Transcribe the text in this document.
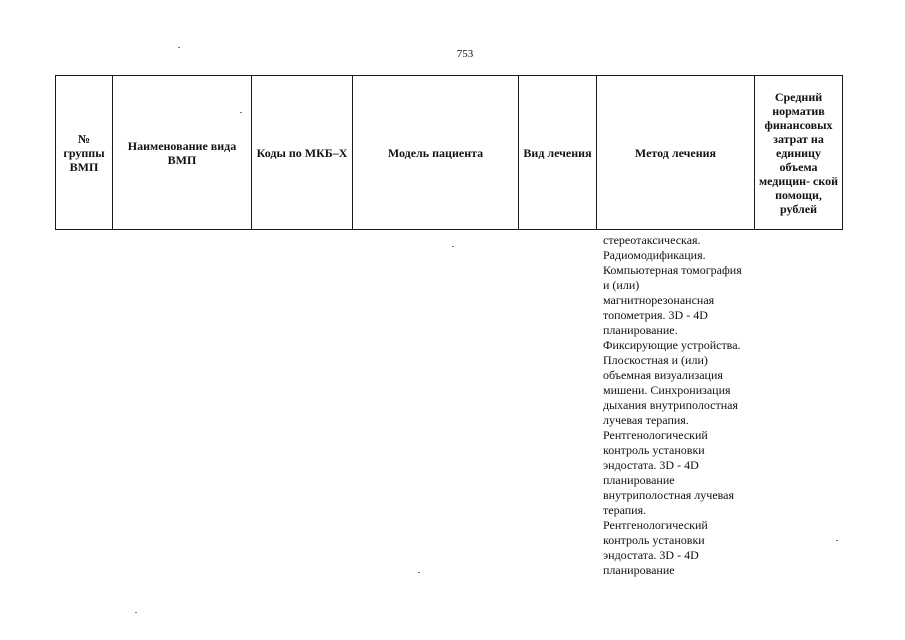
753
№ группы ВМП	Наименование вида ВМП	Коды по МКБ–Х	Модель пациента	Вид лечения	Метод лечения	Средний норматив финансовых затрат на единицу объема медицин- ской помощи, рублей
стереотаксическая.
Радиомодификация.
Компьютерная томография
и (или)
магнитнорезонансная
топометрия. 3D - 4D
планирование.
Фиксирующие устройства.
Плоскостная и (или)
объемная визуализация
мишени. Синхронизация
дыхания внутриполостная
лучевая терапия.
Рентгенологический
контроль установки
эндостата. 3D - 4D
планирование
внутриполостная лучевая
терапия.
Рентгенологический
контроль установки
эндостата. 3D - 4D
планирование
